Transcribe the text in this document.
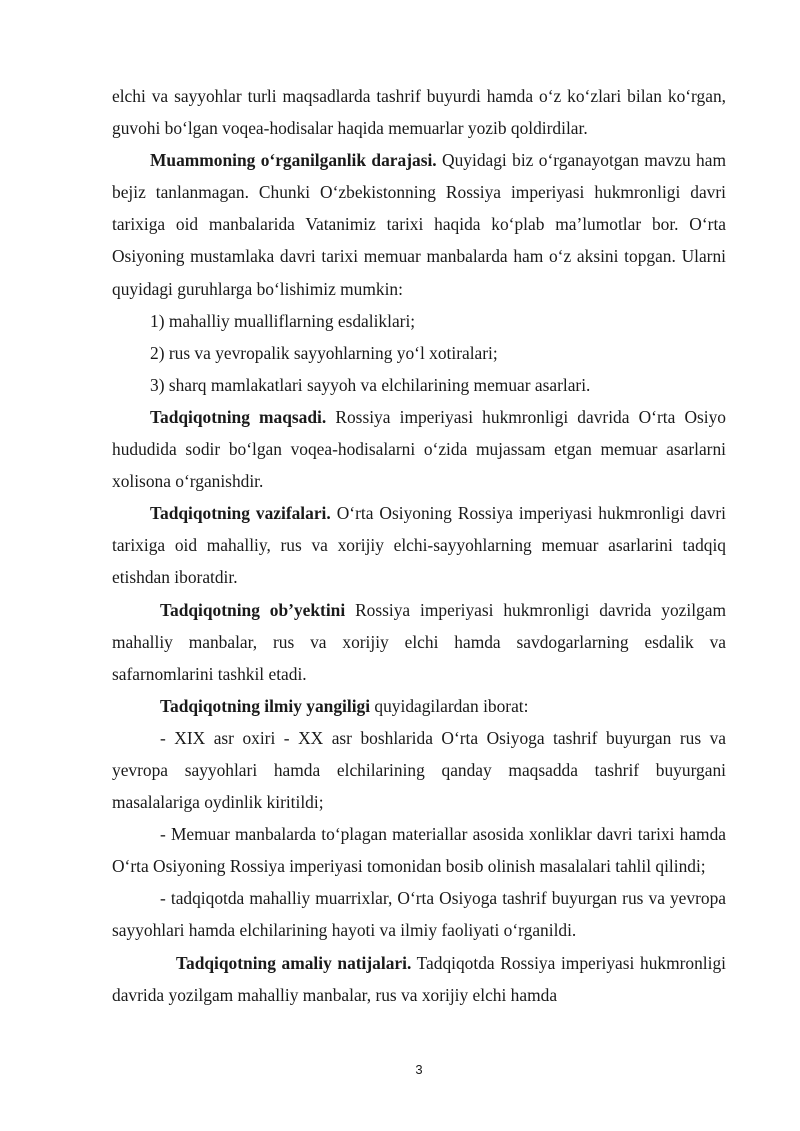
elchi va sayyohlar turli maqsadlarda tashrif buyurdi hamda o‘z ko‘zlari bilan ko‘rgan, guvohi bo‘lgan voqea-hodisalar haqida memuarlar yozib qoldirdilar.

Muammoning o‘rganilganlik darajasi. Quyidagi biz o‘rganayotgan mavzu ham bejiz tanlanmagan. Chunki O‘zbekistonning Rossiya imperiyasi hukmronligi davri tarixiga oid manbalarida Vatanimiz tarixi haqida ko‘plab ma’lumotlar bor. O‘rta Osiyoning mustamlaka davri tarixi memuar manbalarda ham o‘z aksini topgan. Ularni quyidagi guruhlarga bo‘lishimiz mumkin:

1) mahalliy mualliflarning esdaliklari;

2) rus va yevropalik sayyohlarning yo‘l xotiralari;

3) sharq mamlakatlari sayyoh va elchilarining memuar asarlari.

Tadqiqotning maqsadi. Rossiya imperiyasi hukmronligi davrida O‘rta Osiyo hududida sodir bo‘lgan voqea-hodisalarni o‘zida mujassam etgan memuar asarlarni xolisona o‘rganishdir.

Tadqiqotning vazifalari. O‘rta Osiyoning Rossiya imperiyasi hukmronligi davri tarixiga oid mahalliy, rus va xorijiy elchi-sayyohlarning memuar asarlarini tadqiq etishdan iboratdir.

Tadqiqotning ob’yektini Rossiya imperiyasi hukmronligi davrida yozilgam mahalliy manbalar, rus va xorijiy elchi hamda savdogarlarning esdalik va safarnomlarini tashkil etadi.

Tadqiqotning ilmiy yangiligi quyidagilardan iborat:

- XIX asr oxiri - XX asr boshlarida O‘rta Osiyoga tashrif buyurgan rus va yevropa sayyohlari hamda elchilarining qanday maqsadda tashrif buyurgani masalalariga oydinlik kiritildi;

- Memuar manbalarda to‘plagan materiallar asosida xonliklar davri tarixi hamda O‘rta Osiyoning Rossiya imperiyasi tomonidan bosib olinish masalalari tahlil qilindi;

- tadqiqotda mahalliy muarrixlar, O‘rta Osiyoga tashrif buyurgan rus va yevropa sayyohlari hamda elchilarining hayoti va ilmiy faoliyati o‘rganildi.

Tadqiqotning amaliy natijalari. Tadqiqotda Rossiya imperiyasi hukmronligi davrida yozilgam mahalliy manbalar, rus va xorijiy elchi hamda

3
